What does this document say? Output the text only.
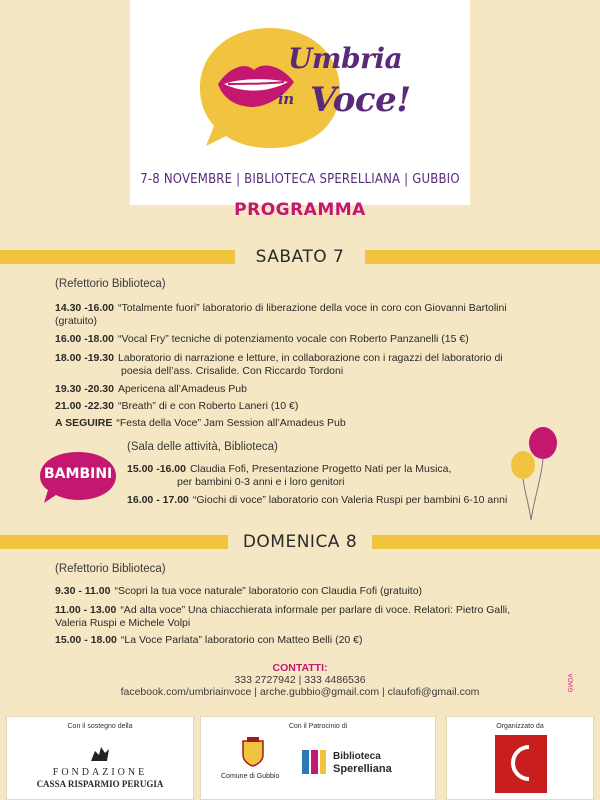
Umbria
in Voce!
7-8 NOVEMBRE | BIBLIOTECA SPERELLIANA | GUBBIO
PROGRAMMA
SABATO 7
(Refettorio Biblioteca)
14.30 -16.00 “Totalmente fuori” laboratorio di liberazione della voce in coro con Giovanni Bartolini
(gratuito)
16.00 -18.00 “Vocal Fry” tecniche di potenziamento vocale con Roberto Panzanelli (15 €)
18.00 -19.30 Laboratorio di narrazione e letture, in collaborazione con i ragazzi del laboratorio di
poesia dell’ass. Crisalide. Con Riccardo Tordoni
19.30 -20.30 Apericena all’Amadeus Pub
21.00 -22.30 “Breath” di e con Roberto Laneri (10 €)
A SEGUIRE “Festa della Voce” Jam Session all’Amadeus Pub
BAMBINI
(Sala delle attività, Biblioteca)
15.00 -16.00 Claudia Fofi, Presentazione Progetto Nati per la Musica,
per bambini 0-3 anni e i loro genitori
16.00 - 17.00 “Giochi di voce” laboratorio con Valeria Ruspi per bambini 6-10 anni
DOMENICA 8
(Refettorio Biblioteca)
9.30 - 11.00 “Scopri la tua voce naturale” laboratorio con Claudia Fofi (gratuito)
11.00 - 13.00 “Ad alta voce” Una chiacchierata informale per parlare di voce. Relatori: Pietro Galli,
Valeria Ruspi e Michele Volpi
15.00 - 18.00 “La Voce Parlata” laboratorio con Matteo Belli (20 €)
CONTATTI:
333 2727942 | 333 4486536
facebook.com/umbriainvoce | arche.gubbio@gmail.com | claufofi@gmail.com	GIADA
Con il sostegno della
FONDAZIONE
CASSA RISPARMIO PERUGIA
Con il Patrocinio di
Comune di Gubbio
Biblioteca
Sperelliana
Organizzato da
